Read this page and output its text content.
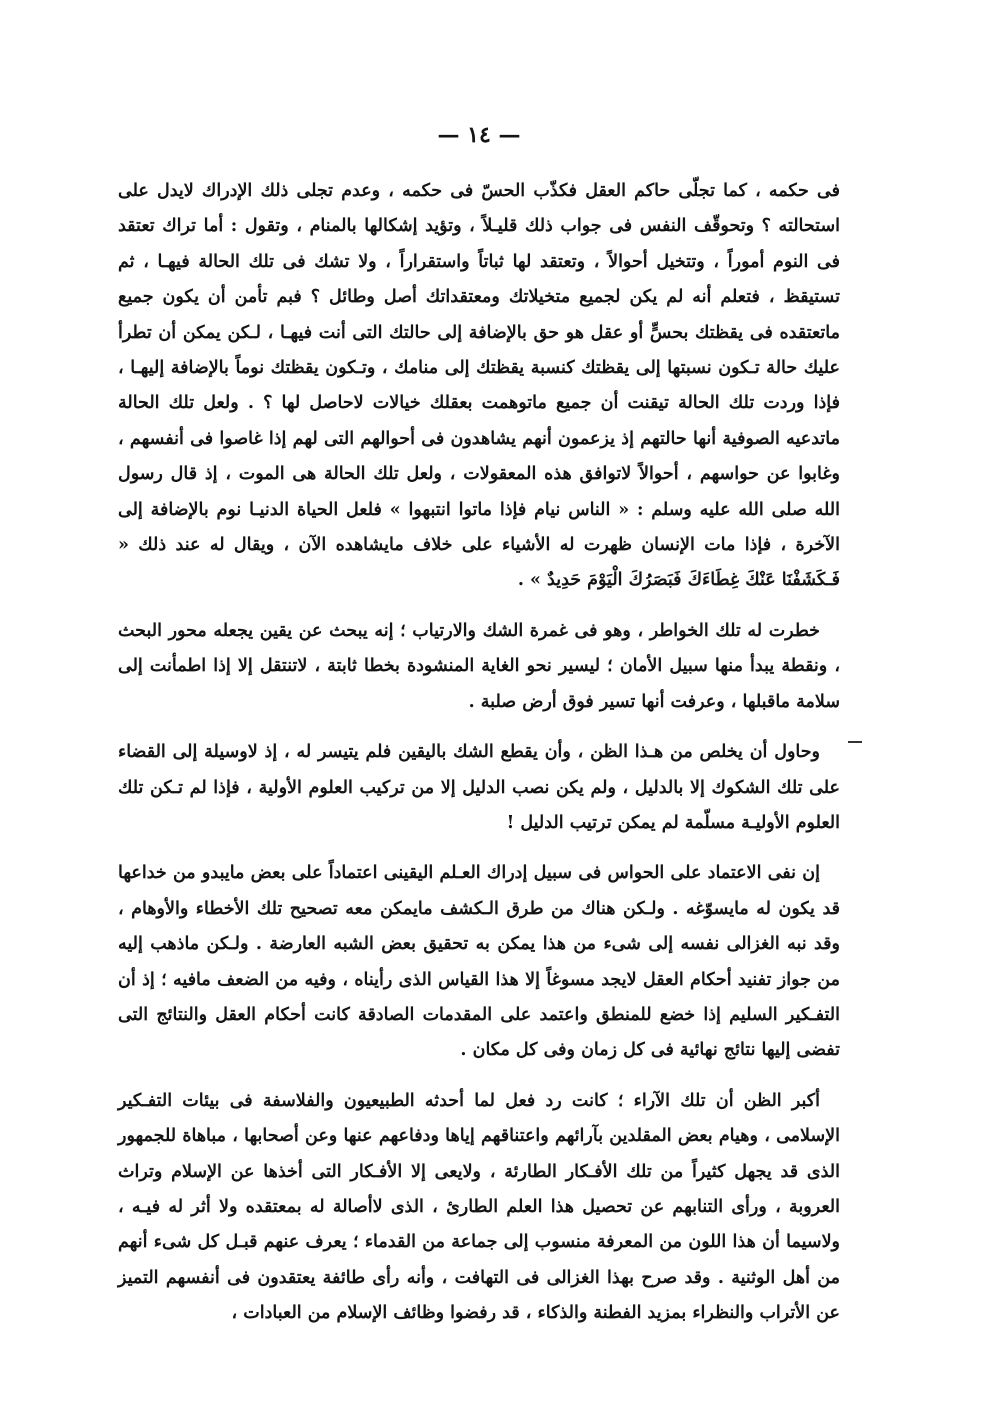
— ١٤ —

فى حكمه ، كما تجلّى حاكم العقل فكذّب الحسّ فى حكمه ، وعدم تجلى ذلك الإدراك لايدل على استحالته ؟ وتحوقّف النفس فى جواب ذلك قليـلاً ، وتؤيد إشكالها بالمنام ، وتقول : أما تراك تعتقد فى النوم أموراً ، وتتخيل أحوالاً ، وتعتقد لها ثباتاً واستقراراً ، ولا تشك فى تلك الحالة فيهـا ، ثم تستيقظ ، فتعلم أنه لم يكن لجميع متخيلاتك ومعتقداتك أصل وطائل ؟ فبم تأمن أن يكون جميع ماتعتقده فى يقظتك بحسٍّ أو عقل هو حق بالإضافة إلى حالتك التى أنت فيهـا ، لـكن يمكن أن تطرأ عليك حالة تـكون نسبتها إلى يقظتك كنسبة يقظتك إلى منامك ، وتـكون يقظتك نوماً بالإضافة إليهـا ، فإذا وردت تلك الحالة تيقنت أن جميع ماتوهمت بعقلك خيالات لاحاصل لها ؟ . ولعل تلك الحالة ماتدعيه الصوفية أنها حالتهم إذ يزعمون أنهم يشاهدون فى أحوالهم التى لهم إذا غاصوا فى أنفسهم ، وغابوا عن حواسهم ، أحوالاً لاتوافق هذه المعقولات ، ولعل تلك الحالة هى الموت ، إذ قال رسول الله صلى الله عليه وسلم : « الناس نيام فإذا ماتوا انتبهوا » فلعل الحياة الدنيـا نوم بالإضافة إلى الآخرة ، فإذا مات الإنسان ظهرت له الأشياء على خلاف مايشاهده الآن ، ويقال له عند ذلك « فَـكَشَفْنَا عَنْكَ غِطَاءَكَ فَبَصَرُكَ الْيَوْمَ حَدِيدٌ » .

خطرت له تلك الخواطر ، وهو فى غمرة الشك والارتياب ؛ إنه يبحث عن يقين يجعله محور البحث ، ونقطة يبدأ منها سبيل الأمان ؛ ليسير نحو الغاية المنشودة بخطا ثابتة ، لاتنتقل إلا إذا اطمأنت إلى سلامة ماقبلها ، وعرفت أنها تسير فوق أرض صلبة .

وحاول أن يخلص من هـذا الظن ، وأن يقطع الشك باليقين فلم يتيسر له ، إذ لاوسيلة إلى القضاء على تلك الشكوك إلا بالدليل ، ولم يكن نصب الدليل إلا من تركيب العلوم الأولية ، فإذا لم تـكن تلك العلوم الأوليـة مسلّمة لم يمكن ترتيب الدليل !

إن نفى الاعتماد على الحواس فى سبيل إدراك العـلم اليقينى اعتماداً على بعض مايبدو من خداعها قد يكون له مايسوّغه . ولـكن هناك من طرق الـكشف مايمكن معه تصحيح تلك الأخطاء والأوهام ، وقد نبه الغزالى نفسه إلى شىء من هذا يمكن به تحقيق بعض الشبه العارضة . ولـكن ماذهب إليه من جواز تفنيد أحكام العقل لايجد مسوغاً إلا هذا القياس الذى رأيناه ، وفيه من الضعف مافيه ؛ إذ أن التفـكير السليم إذا خضع للمنطق واعتمد على المقدمات الصادقة كانت أحكام العقل والنتائج التى تفضى إليها نتائج نهائية فى كل زمان وفى كل مكان .

أكبر الظن أن تلك الآراء ؛ كانت رد فعل لما أحدثه الطبيعيون والفلاسفة فى بيئات التفـكير الإسلامى ، وهيام بعض المقلدين بآرائهم واعتناقهم إياها ودفاعهم عنها وعن أصحابها ، مباهاة للجمهور الذى قد يجهل كثيراً من تلك الأفـكار الطارئة ، ولايعى إلا الأفـكار التى أخذها عن الإسلام وتراث العروبة ، ورأى التنابهم عن تحصيل هذا العلم الطارئ ، الذى لاأصالة له بمعتقده ولا أثر له فيـه ، ولاسيما أن هذا اللون من المعرفة منسوب إلى جماعة من القدماء ؛ يعرف عنهم قبـل كل شىء أنهم من أهل الوثنية . وقد صرح بهذا الغزالى فى التهافت ، وأنه رأى طائفة يعتقدون فى أنفسهم التميز عن الأتراب والنظراء بمزيد الفطنة والذكاء ، قد رفضوا وظائف الإسلام من العبادات ،
